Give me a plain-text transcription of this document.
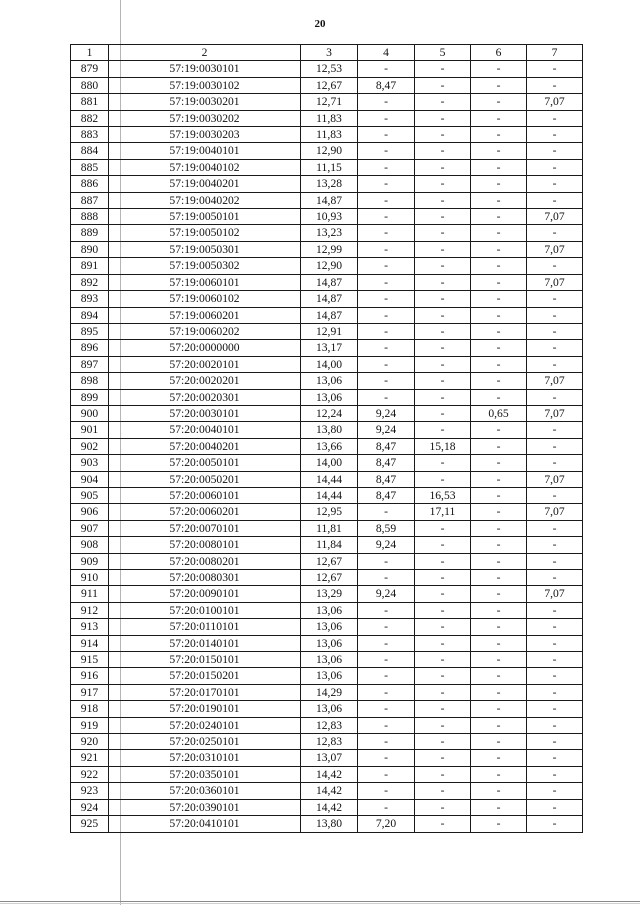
20
1	2	3	4	5	6	7
879	57:19:0030101	12,53	-	-	-	-
880	57:19:0030102	12,67	8,47	-	-	-
881	57:19:0030201	12,71	-	-	-	7,07
882	57:19:0030202	11,83	-	-	-	-
883	57:19:0030203	11,83	-	-	-	-
884	57:19:0040101	12,90	-	-	-	-
885	57:19:0040102	11,15	-	-	-	-
886	57:19:0040201	13,28	-	-	-	-
887	57:19:0040202	14,87	-	-	-	-
888	57:19:0050101	10,93	-	-	-	7,07
889	57:19:0050102	13,23	-	-	-	-
890	57:19:0050301	12,99	-	-	-	7,07
891	57:19:0050302	12,90	-	-	-	-
892	57:19:0060101	14,87	-	-	-	7,07
893	57:19:0060102	14,87	-	-	-	-
894	57:19:0060201	14,87	-	-	-	-
895	57:19:0060202	12,91	-	-	-	-
896	57:20:0000000	13,17	-	-	-	-
897	57:20:0020101	14,00	-	-	-	-
898	57:20:0020201	13,06	-	-	-	7,07
899	57:20:0020301	13,06	-	-	-	-
900	57:20:0030101	12,24	9,24	-	0,65	7,07
901	57:20:0040101	13,80	9,24	-	-	-
902	57:20:0040201	13,66	8,47	15,18	-	-
903	57:20:0050101	14,00	8,47	-	-	-
904	57:20:0050201	14,44	8,47	-	-	7,07
905	57:20:0060101	14,44	8,47	16,53	-	-
906	57:20:0060201	12,95	-	17,11	-	7,07
907	57:20:0070101	11,81	8,59	-	-	-
908	57:20:0080101	11,84	9,24	-	-	-
909	57:20:0080201	12,67	-	-	-	-
910	57:20:0080301	12,67	-	-	-	-
911	57:20:0090101	13,29	9,24	-	-	7,07
912	57:20:0100101	13,06	-	-	-	-
913	57:20:0110101	13,06	-	-	-	-
914	57:20:0140101	13,06	-	-	-	-
915	57:20:0150101	13,06	-	-	-	-
916	57:20:0150201	13,06	-	-	-	-
917	57:20:0170101	14,29	-	-	-	-
918	57:20:0190101	13,06	-	-	-	-
919	57:20:0240101	12,83	-	-	-	-
920	57:20:0250101	12,83	-	-	-	-
921	57:20:0310101	13,07	-	-	-	-
922	57:20:0350101	14,42	-	-	-	-
923	57:20:0360101	14,42	-	-	-	-
924	57:20:0390101	14,42	-	-	-	-
925	57:20:0410101	13,80	7,20	-	-	-
